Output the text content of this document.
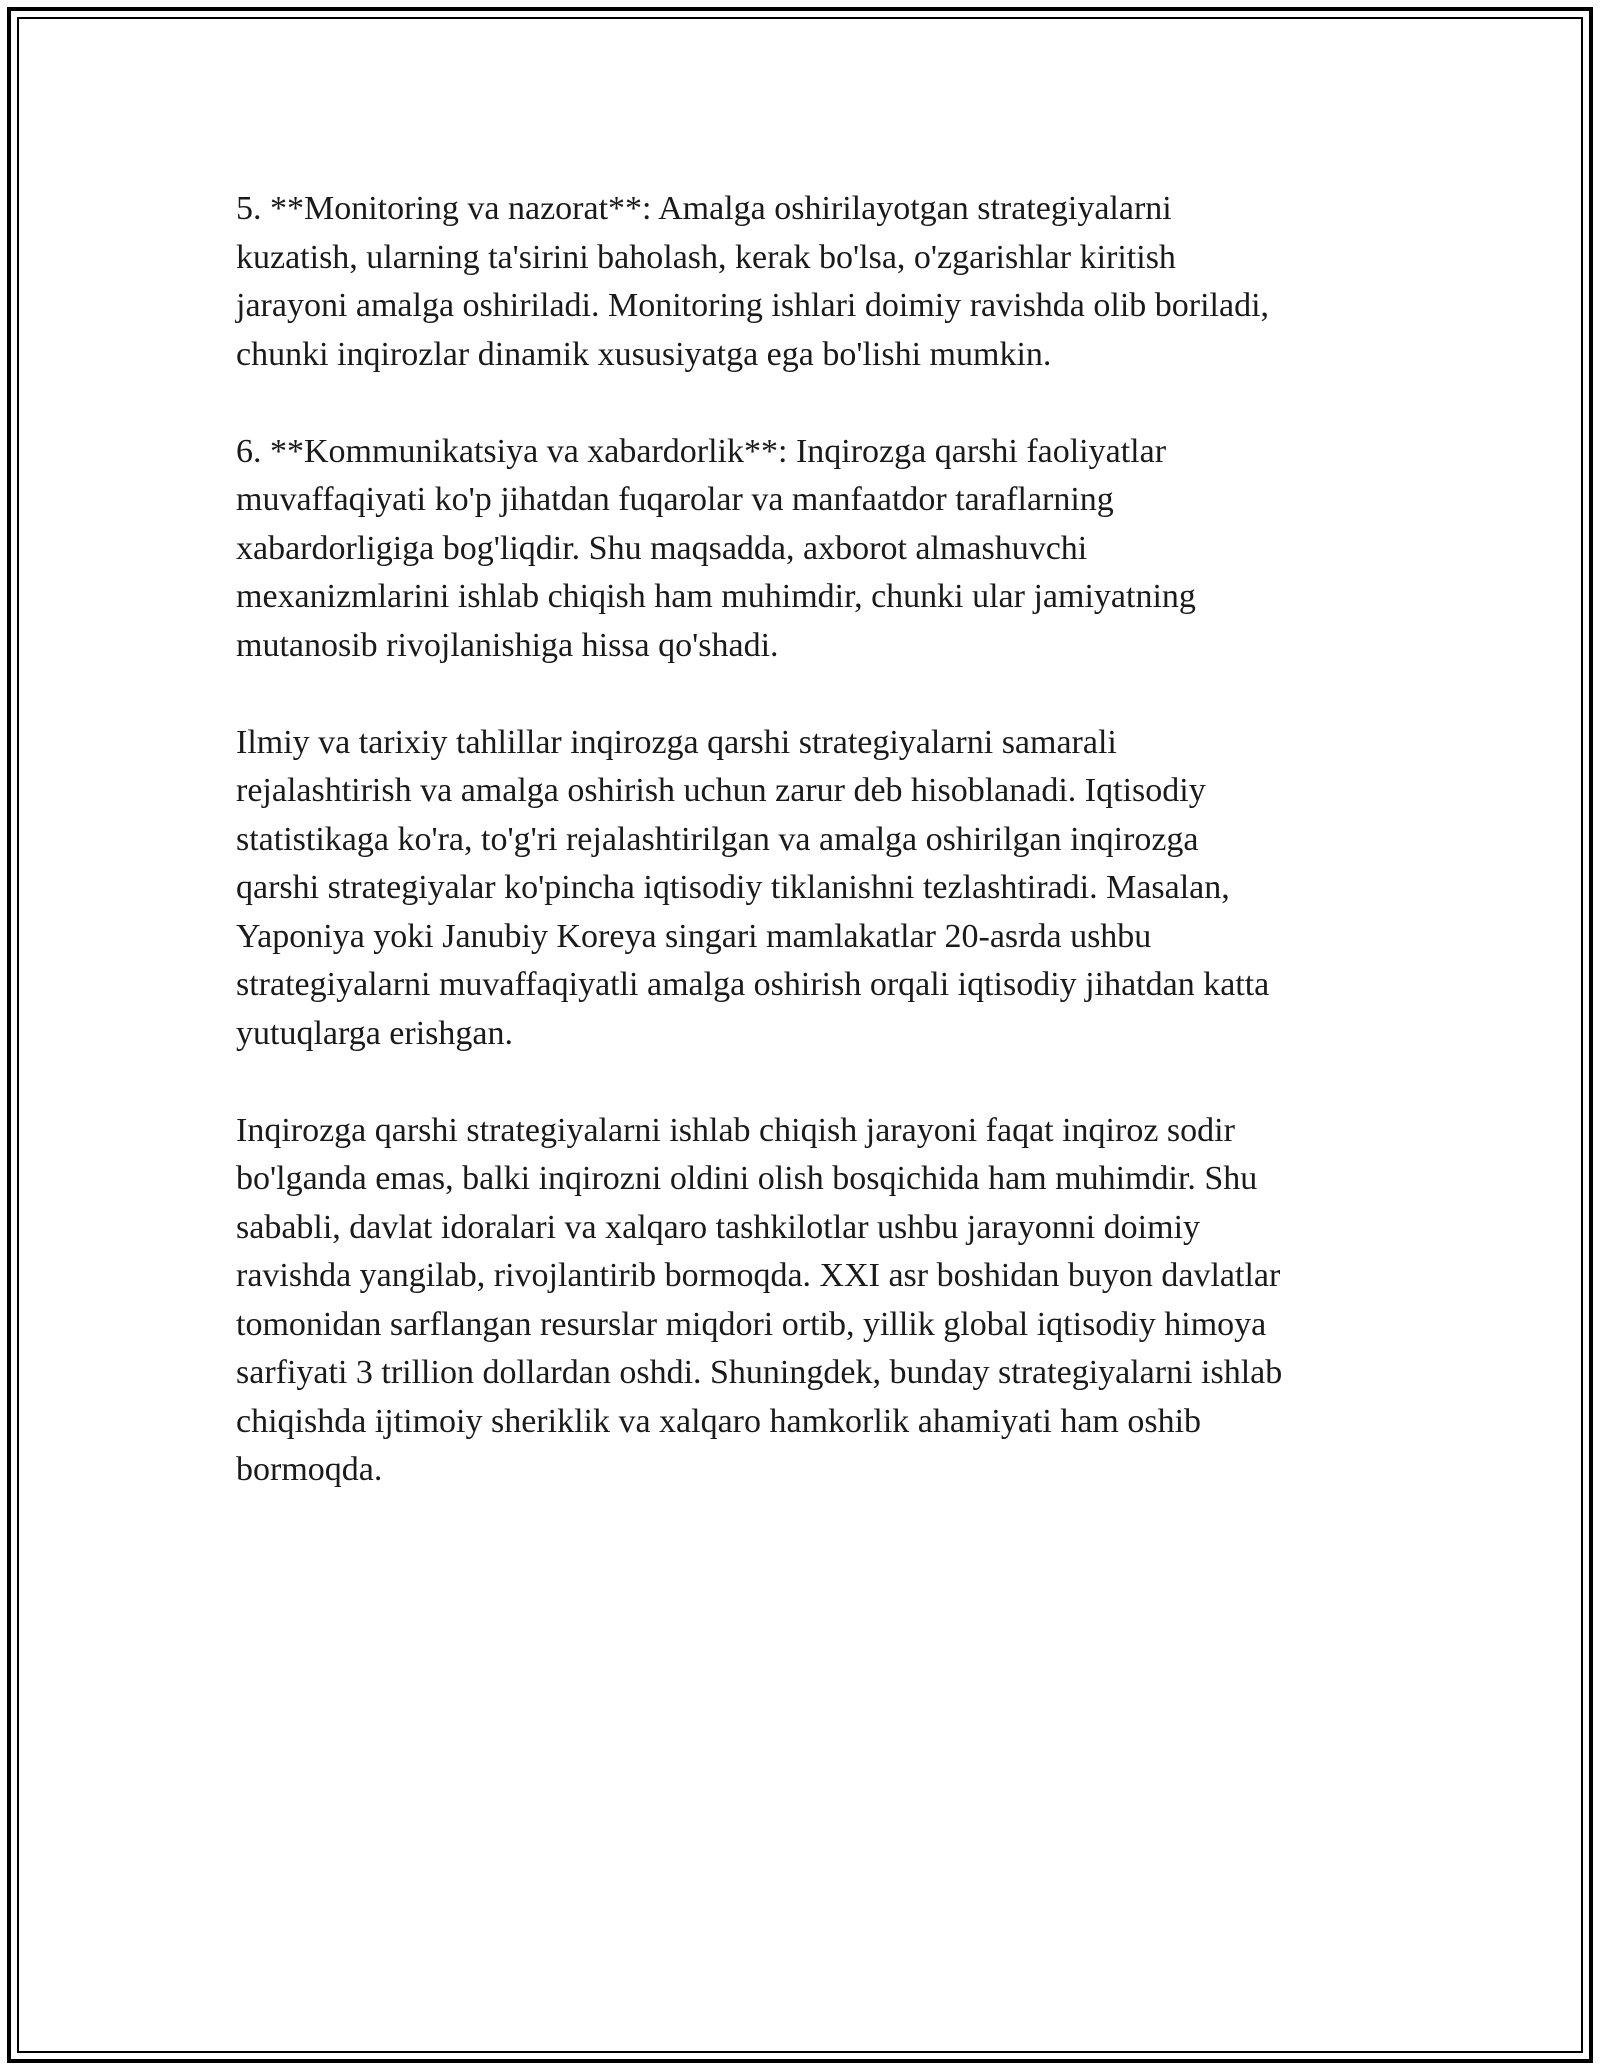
5. **Monitoring va nazorat**: Amalga oshirilayotgan strategiyalarni
kuzatish, ularning ta'sirini baholash, kerak bo'lsa, o'zgarishlar kiritish
jarayoni amalga oshiriladi. Monitoring ishlari doimiy ravishda olib boriladi,
chunki inqirozlar dinamik xususiyatga ega bo'lishi mumkin.

6. **Kommunikatsiya va xabardorlik**: Inqirozga qarshi faoliyatlar
muvaffaqiyati ko'p jihatdan fuqarolar va manfaatdor taraflarning
xabardorligiga bog'liqdir. Shu maqsadda, axborot almashuvchi
mexanizmlarini ishlab chiqish ham muhimdir, chunki ular jamiyatning
mutanosib rivojlanishiga hissa qo'shadi.

Ilmiy va tarixiy tahlillar inqirozga qarshi strategiyalarni samarali
rejalashtirish va amalga oshirish uchun zarur deb hisoblanadi. Iqtisodiy
statistikaga ko'ra, to'g'ri rejalashtirilgan va amalga oshirilgan inqirozga
qarshi strategiyalar ko'pincha iqtisodiy tiklanishni tezlashtiradi. Masalan,
Yaponiya yoki Janubiy Koreya singari mamlakatlar 20-asrda ushbu
strategiyalarni muvaffaqiyatli amalga oshirish orqali iqtisodiy jihatdan katta
yutuqlarga erishgan.

Inqirozga qarshi strategiyalarni ishlab chiqish jarayoni faqat inqiroz sodir
bo'lganda emas, balki inqirozni oldini olish bosqichida ham muhimdir. Shu
sababli, davlat idoralari va xalqaro tashkilotlar ushbu jarayonni doimiy
ravishda yangilab, rivojlantirib bormoqda. XXI asr boshidan buyon davlatlar
tomonidan sarflangan resurslar miqdori ortib, yillik global iqtisodiy himoya
sarfiyati 3 trillion dollardan oshdi. Shuningdek, bunday strategiyalarni ishlab
chiqishda ijtimoiy sheriklik va xalqaro hamkorlik ahamiyati ham oshib
bormoqda.
